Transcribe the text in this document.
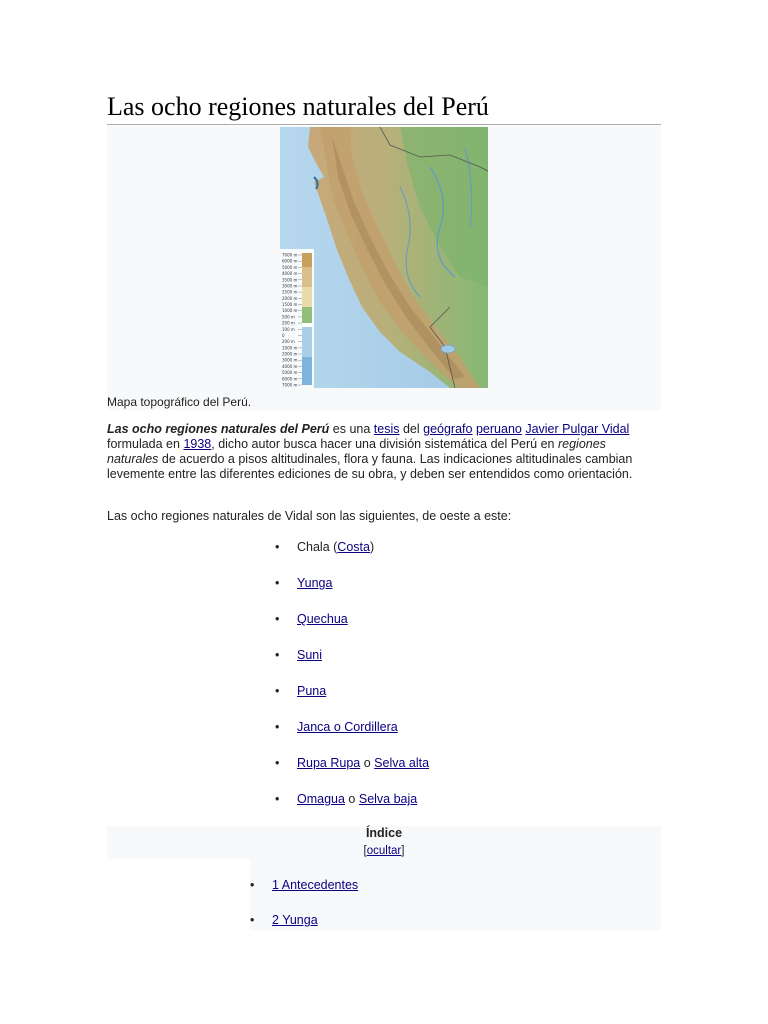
Las ocho regiones naturales del Perú
7000 m
6000 m
5000 m
4000 m
3500 m
3000 m
2500 m
2000 m
1500 m
1000 m
500 m
200 m
100 m
0
200 m
1000 m
2000 m
3000 m
4000 m
5000 m
6000 m
7000 m
Mapa topográfico del Perú.

Las ocho regiones naturales del Perú es una tesis del geógrafo peruano Javier Pulgar Vidal formulada en 1938, dicho autor busca hacer una división sistemática del Perú en regiones naturales de acuerdo a pisos altitudinales, flora y fauna. Las indicaciones altitudinales cambian levemente entre las diferentes ediciones de su obra, y deben ser entendidos como orientación.

Las ocho regiones naturales de Vidal son las siguientes, de oeste a este:

• Chala (Costa)
• Yunga
• Quechua
• Suni
• Puna
• Janca o Cordillera
• Rupa Rupa o Selva alta
• Omagua o Selva baja
Índice
[ocultar]
• 1 Antecedentes
• 2 Yunga
